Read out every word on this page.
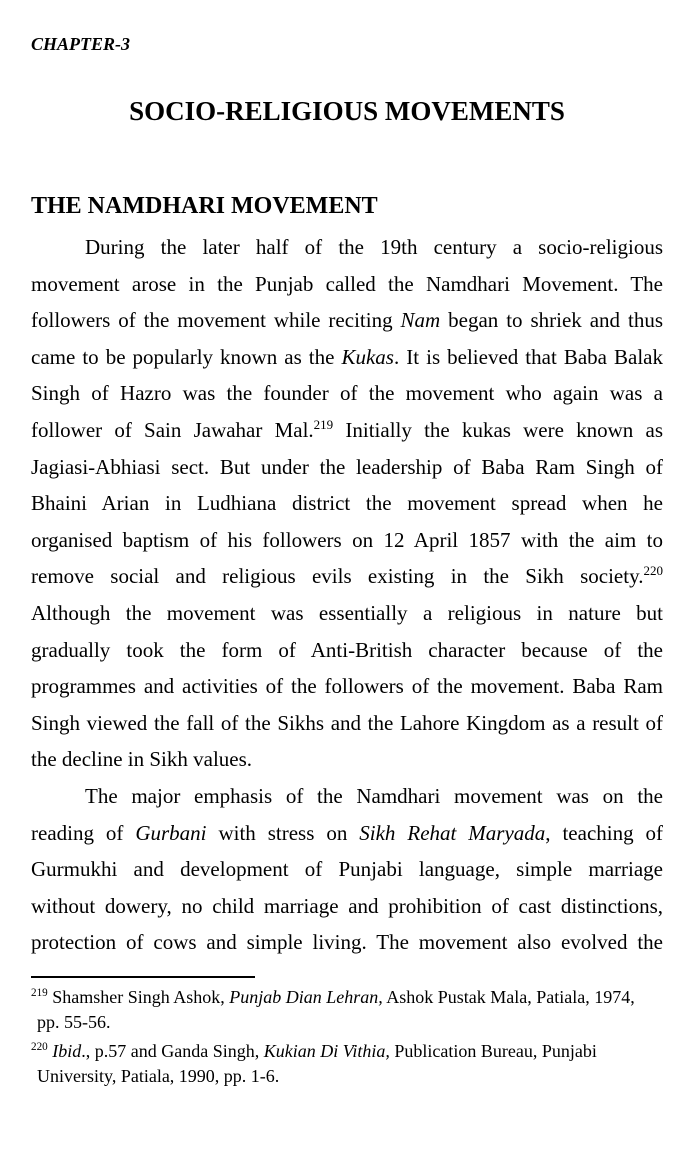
CHAPTER-3
SOCIO-RELIGIOUS MOVEMENTS
THE NAMDHARI MOVEMENT
During the later half of the 19th century a socio-religious
movement arose in the Punjab called the Namdhari Movement. The
followers of the movement while reciting Nam began to shriek and thus
came to be popularly known as the Kukas. It is believed that Baba Balak
Singh of Hazro was the founder of the movement who again was a
follower of Sain Jawahar Mal.$^{219}$ Initially the kukas were known as
Jagiasi-Abhiasi sect. But under the leadership of Baba Ram Singh of
Bhaini Arian in Ludhiana district the movement spread when he
organised baptism of his followers on 12 April 1857 with the aim to
remove social and religious evils existing in the Sikh society.$^{220}$
Although the movement was essentially a religious in nature but
gradually took the form of Anti-British character because of the
programmes and activities of the followers of the movement. Baba Ram
Singh viewed the fall of the Sikhs and the Lahore Kingdom as a result of
the decline in Sikh values.
The major emphasis of the Namdhari movement was on the
reading of Gurbani with stress on Sikh Rehat Maryada, teaching of
Gurmukhi and development of Punjabi language, simple marriage
without dowery, no child marriage and prohibition of cast distinctions,
protection of cows and simple living. The movement also evolved the
$^{219}$ Shamsher Singh Ashok, Punjab Dian Lehran, Ashok Pustak Mala, Patiala, 1974,
pp. 55-56.
$^{220}$ Ibid., p.57 and Ganda Singh, Kukian Di Vithia, Publication Bureau, Punjabi
University, Patiala, 1990, pp. 1-6.
